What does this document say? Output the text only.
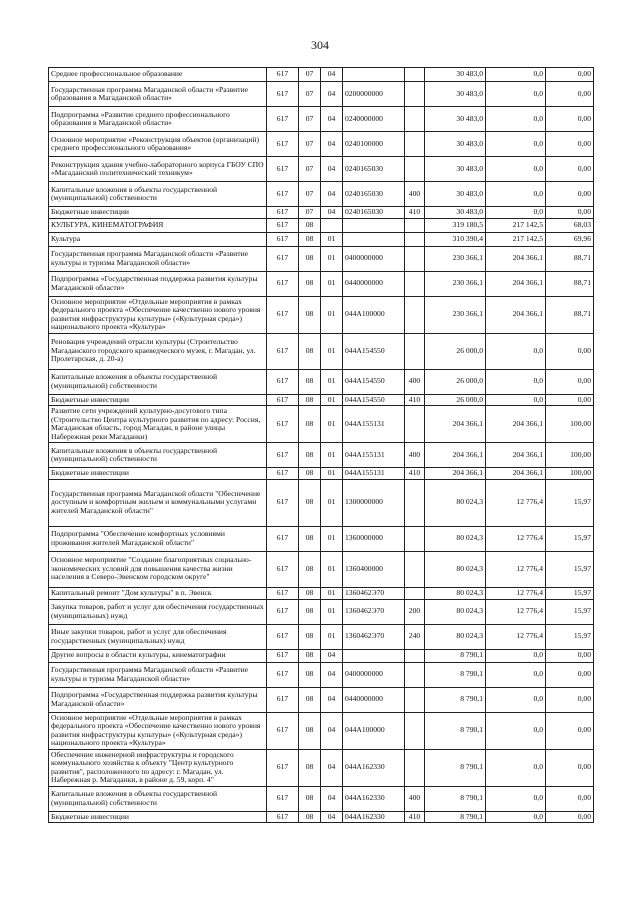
304
Среднее профессиональное образование	617	07	04			30 483,0	0,0	0,00
Государственная программа Магаданской области «Развитие образования в Магаданской области»	617	07	04	0200000000		30 483,0	0,0	0,00
Подпрограмма «Развитие среднего профессионального образования в Магаданской области»	617	07	04	0240000000		30 483,0	0,0	0,00
Основное мероприятие «Реконструкция объектов (организаций) среднего профессионального образования»	617	07	04	0240100000		30 483,0	0,0	0,00
Реконструкция здания учебно-лабораторного корпуса ГБОУ СПО «Магаданский политехнический техникум»	617	07	04	0240165030		30 483,0	0,0	0,00
Капитальные вложения в объекты государственной (муниципальной) собственности	617	07	04	0240165030	400	30 483,0	0,0	0,00
Бюджетные инвестиции	617	07	04	0240165030	410	30 483,0	0,0	0,00
КУЛЬТУРА, КИНЕМАТОГРАФИЯ	617	08				319 180,5	217 142,5	68,03
Культура	617	08	01			310 390,4	217 142,5	69,96
Государственная программа Магаданской области «Развитие культуры и туризма Магаданской области»	617	08	01	0400000000		230 366,1	204 366,1	88,71
Подпрограмма «Государственная поддержка развития культуры Магаданской области»	617	08	01	0440000000		230 366,1	204 366,1	88,71
Основное мероприятие «Отдельные мероприятия в рамках федерального проекта «Обеспечение качественно нового уровня развития инфраструктуры культуры» («Культурная среда») национального проекта «Культура»	617	08	01	044A100000		230 366,1	204 366,1	88,71
Реновация учреждений отрасли культуры (Строительство Магаданского городского краеведческого музея, г. Магадан, ул. Пролетарская, д. 20-а)	617	08	01	044A154550		26 000,0	0,0	0,00
Капитальные вложения в объекты государственной (муниципальной) собственности	617	08	01	044A154550	400	26 000,0	0,0	0,00
Бюджетные инвестиции	617	08	01	044A154550	410	26 000,0	0,0	0,00
Развитие сети учреждений культурно-досугового типа (Строительство Центра культурного развития по адресу: Россия, Магаданская область, город Магадан, в районе улицы Набережная реки Магаданки)	617	08	01	044A155131		204 366,1	204 366,1	100,00
Капитальные вложения в объекты государственной (муниципальной) собственности	617	08	01	044A155131	400	204 366,1	204 366,1	100,00
Бюджетные инвестиции	617	08	01	044A155131	410	204 366,1	204 366,1	100,00
Государственная программа Магаданской области "Обеспечение доступным и комфортным жильем и коммунальными услугами жителей Магаданской области"	617	08	01	1300000000		80 024,3	12 776,4	15,97
Подпрограмма "Обеспечение комфортных условиями проживания жителей Магаданской области"	617	08	01	1360000000		80 024,3	12 776,4	15,97
Основное мероприятие "Создание благоприятных социально-экономических условий для повышения качества жизни населения в Северо-Эвенском городском округе"	617	08	01	1360400000		80 024,3	12 776,4	15,97
Капитальный ремонт "Дом культуры" в п. Эвенск	617	08	01	1360462Э70		80 024,3	12 776,4	15,97
Закупка товаров, работ и услуг для обеспечения государственных (муниципальных) нужд	617	08	01	1360462Э70	200	80 024,3	12 776,4	15,97
Иные закупки товаров, работ и услуг для обеспечения государственных (муниципальных) нужд	617	08	01	1360462Э70	240	80 024,3	12 776,4	15,97
Другие вопросы в области культуры, кинематографии	617	08	04			8 790,1	0,0	0,00
Государственная программа Магаданской области «Развитие культуры и туризма Магаданской области»	617	08	04	0400000000		8 790,1	0,0	0,00
Подпрограмма «Государственная поддержка развития культуры Магаданской области»	617	08	04	0440000000		8 790,1	0,0	0,00
Основное мероприятие «Отдельные мероприятия в рамках федерального проекта «Обеспечение качественно нового уровня развития инфраструктуры культуры» («Культурная среда») национального проекта «Культура»	617	08	04	044A100000		8 790,1	0,0	0,00
Обеспечение инженерной инфраструктуры и городского коммунального хозяйства к объекту "Центр культурного развития", расположенного по адресу: г. Магадан, ул. Набережная р. Магаданки, в районе д. 59, корп. 4"	617	08	04	044A162330		8 790,1	0,0	0,00
Капитальные вложения в объекты государственной (муниципальной) собственности	617	08	04	044A162330	400	8 790,1	0,0	0,00
Бюджетные инвестиции	617	08	04	044A162330	410	8 790,1	0,0	0,00
